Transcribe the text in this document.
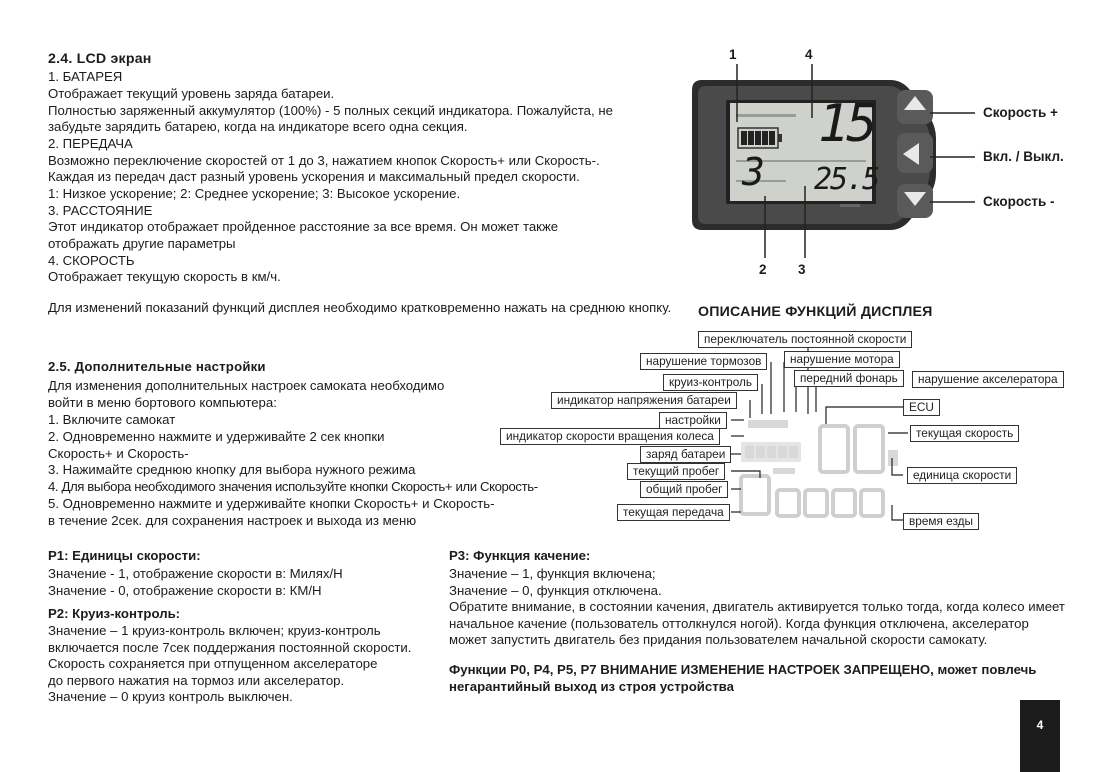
2.4. LCD экран
1. БАТАРЕЯ
Отображает текущий уровень заряда батареи.
Полностью заряженный аккумулятор (100%) - 5 полных секций индикатора. Пожалуйста, не
забудьте зарядить батарею, когда на индикаторе всего одна секция.
2. ПЕРЕДАЧА
Возможно переключение скоростей от 1 до 3, нажатием кнопок Скорость+ или Скорость-.
Каждая из передач даст разный уровень ускорения и максимальный предел скорости.
1: Низкое ускорение; 2: Среднее ускорение; 3: Высокое ускорение.
3. РАССТОЯНИЕ
Этот индикатор отображает пройденное расстояние за все время. Он может также
отображать другие параметры
4. СКОРОСТЬ
Отображает текущую скорость в км/ч.
Для изменений показаний функций дисплея необходимо кратковременно нажать на среднюю кнопку.
15
3 25.5
1	4
2 3
Скорость +
Вкл. / Выкл.
Скорость -
ОПИСАНИЕ ФУНКЦИЙ ДИСПЛЕЯ
переключатель постоянной скорости
нарушение тормозов	нарушение мотора
круиз-контроль	передний фонарь	нарушение акселератора
индикатор напряжения батареи	ECU
настройки
индикатор скорости вращения колеса	текущая скорость
заряд батареи
текущий пробег	единица скорости
общий пробег
текущая передача
время езды
2.5. Дополнительные настройки
Для изменения дополнительных настроек самоката необходимо
войти в меню бортового компьютера:
1. Включите самокат
2. Одновременно нажмите и удерживайте 2 сек кнопки
Скорость+ и Скорость-
3. Нажимайте среднюю кнопку для выбора нужного режима
4. Для выбора необходимого значения используйте кнопки Скорость+ или Скорость-
5. Одновременно нажмите и удерживайте кнопки Скорость+ и Скорость-
в течение 2сек. для сохранения настроек и выхода из меню
P1: Единицы скорости:
Значение - 1, отображение скорости в: Милях/Н
Значение - 0, отображение скорости в: КМ/Н
P2: Круиз-контроль:
Значение – 1 круиз-контроль включен; круиз-контроль
включается после 7сек поддержания постоянной скорости.
Скорость сохраняется при отпущенном акселераторе
до первого нажатия на тормоз или акселератор.
Значение – 0 круиз контроль выключен.
P3: Функция качение:
Значение – 1, функция включена;
Значение – 0, функция отключена.
Обратите внимание, в состоянии качения, двигатель активируется только тогда, когда колесо имеет
начальное качение (пользователь оттолкнулся ногой). Когда функция отключена, акселератор
может запустить двигатель без придания пользователем начальной скорости самокату.
Функции P0, P4, P5, P7 ВНИМАНИЕ ИЗМЕНЕНИЕ НАСТРОЕК ЗАПРЕЩЕНО, может повлечь
негарантийный выход из строя устройства
4
